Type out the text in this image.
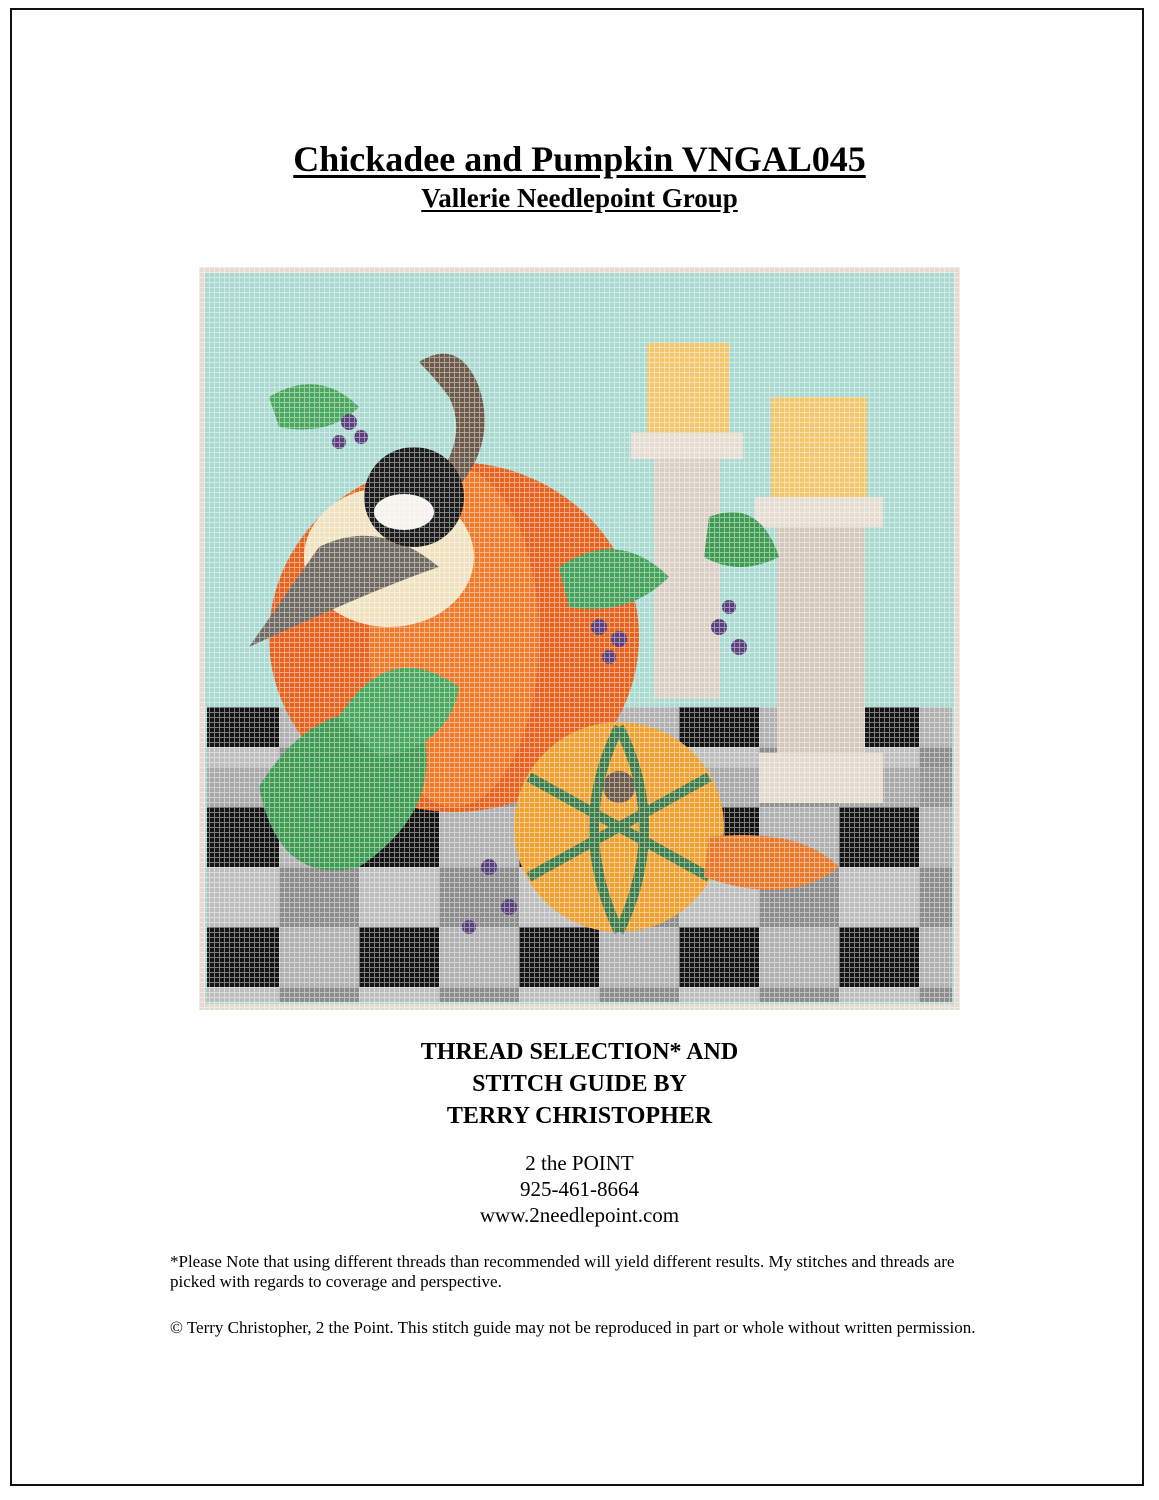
Chickadee and Pumpkin VNGAL045
Vallerie Needlepoint Group
THREAD SELECTION* AND
STITCH GUIDE BY
TERRY CHRISTOPHER
2 the POINT
925-461-8664
www.2needlepoint.com
*Please Note that using different threads than recommended will yield different results. My stitches and threads are picked with regards to coverage and perspective.
© Terry Christopher, 2 the Point. This stitch guide may not be reproduced in part or whole without written permission.
